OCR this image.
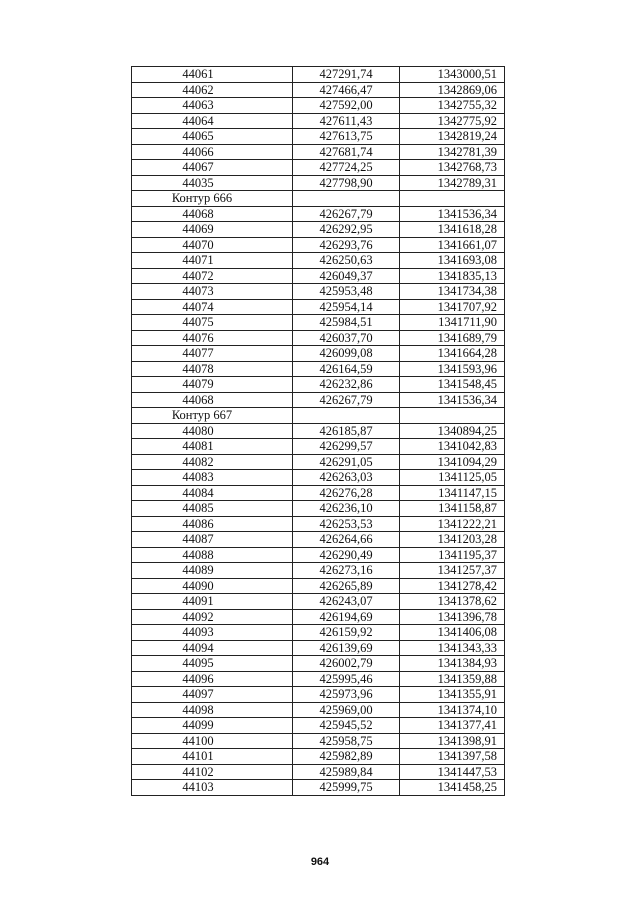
44061	427291,74	1343000,51
44062	427466,47	1342869,06
44063	427592,00	1342755,32
44064	427611,43	1342775,92
44065	427613,75	1342819,24
44066	427681,74	1342781,39
44067	427724,25	1342768,73
44035	427798,90	1342789,31
Контур 666		
44068	426267,79	1341536,34
44069	426292,95	1341618,28
44070	426293,76	1341661,07
44071	426250,63	1341693,08
44072	426049,37	1341835,13
44073	425953,48	1341734,38
44074	425954,14	1341707,92
44075	425984,51	1341711,90
44076	426037,70	1341689,79
44077	426099,08	1341664,28
44078	426164,59	1341593,96
44079	426232,86	1341548,45
44068	426267,79	1341536,34
Контур 667		
44080	426185,87	1340894,25
44081	426299,57	1341042,83
44082	426291,05	1341094,29
44083	426263,03	1341125,05
44084	426276,28	1341147,15
44085	426236,10	1341158,87
44086	426253,53	1341222,21
44087	426264,66	1341203,28
44088	426290,49	1341195,37
44089	426273,16	1341257,37
44090	426265,89	1341278,42
44091	426243,07	1341378,62
44092	426194,69	1341396,78
44093	426159,92	1341406,08
44094	426139,69	1341343,33
44095	426002,79	1341384,93
44096	425995,46	1341359,88
44097	425973,96	1341355,91
44098	425969,00	1341374,10
44099	425945,52	1341377,41
44100	425958,75	1341398,91
44101	425982,89	1341397,58
44102	425989,84	1341447,53
44103	425999,75	1341458,25
964
